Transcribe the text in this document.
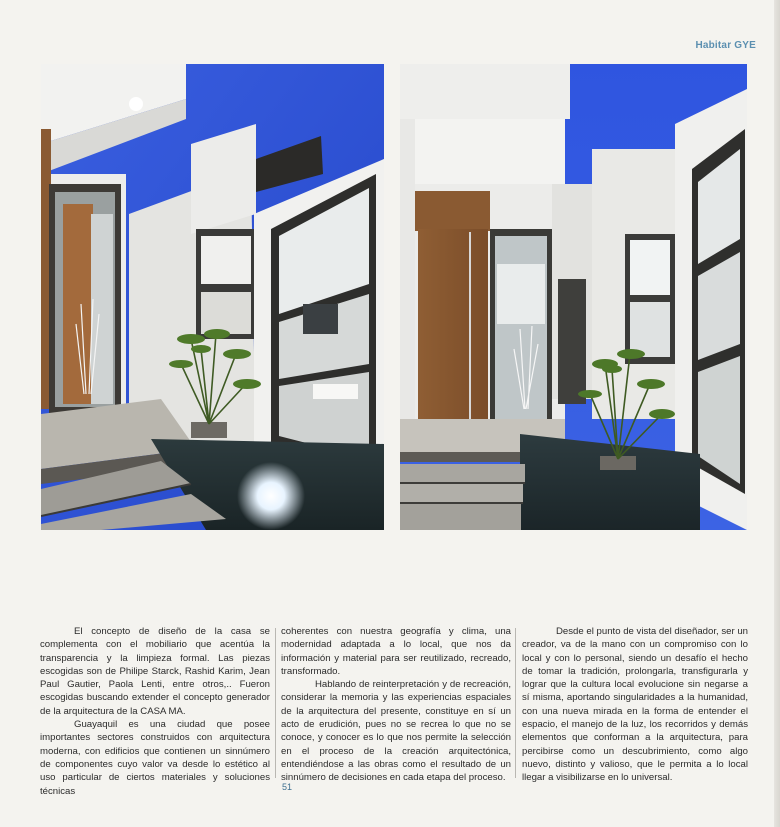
Habitar GYE

El concepto de diseño de la casa se complementa con el mobiliario que acentúa la transparencia y la limpieza formal. Las piezas escogidas son de Philipe Starck, Rashid Karim, Jean Paul Gautier, Paola Lenti, entre otros,.. Fueron escogidas buscando extender el concepto generador de la arquitectura de la CASA MA.

Guayaquil es una ciudad que posee importantes sectores construidos con arquitectura moderna, con edificios que contienen un sinnúmero de componentes cuyo valor va desde lo estético al uso particular de ciertos materiales y soluciones técnicas

coherentes con nuestra geografía y clima, una modernidad adaptada a lo local, que nos da información y material para ser reutilizado, recreado, transformado.

Hablando de reinterpretación y de recreación, considerar la memoria y las experiencias espaciales de la arquitectura del presente, constituye en sí un acto de erudición, pues no se recrea lo que no se conoce, y conocer es lo que nos permite la selección en el proceso de la creación arquitectónica, entendiéndose a las obras como el resultado de un sinnúmero de decisiones en cada etapa del proceso.

Desde el punto de vista del diseñador, ser un creador, va de la mano con un compromiso con lo local y con lo personal, siendo un desafío el hecho de tomar la tradición, prolongarla, transfigurarla y lograr que la cultura local evolucione sin negarse a sí misma, aportando singularidades a la humanidad, con una nueva mirada en la forma de entender el espacio, el manejo de la luz, los recorridos y demás elementos que conforman a la arquitectura, para percibirse como un descubrimiento, como algo nuevo, distinto y valioso, que le permita a lo local llegar a visibilizarse en lo universal.

51
